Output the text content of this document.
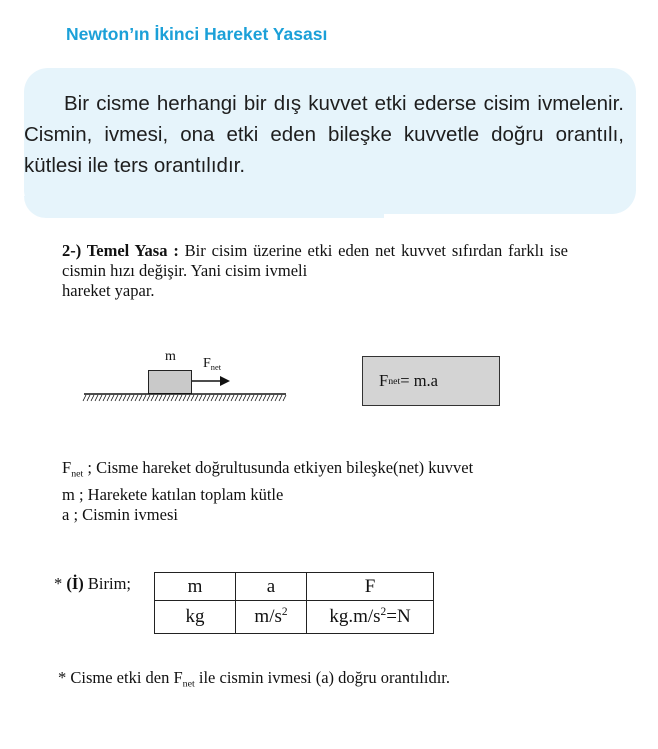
Newton’ın İkinci Hareket Yasası

Bir cisme herhangi bir dış kuvvet etki ederse cisim ivmelenir. Cismin, ivmesi, ona etki eden bileşke kuvvetle doğru orantılı, kütlesi ile ters orantılıdır.

2-) Temel Yasa : Bir cisim üzerine etki eden net kuvvet sıfırdan farklı ise cismin hızı değişir. Yani cisim ivmeli
hareket yapar.
m $F_{net}$
F net = m.a
$F_{net}$ ; Cisme hareket doğrultusunda etkiyen bileşke(net) kuvvet
m ; Harekete katılan toplam kütle
a ; Cismin ivmesi
* (İ) Birim;	m	a	F
kg	$m/s^2$	$kg.m/s^2=N$
* Cisme etki den $F_{net}$ ile cismin ivmesi (a) doğru orantılıdır.
